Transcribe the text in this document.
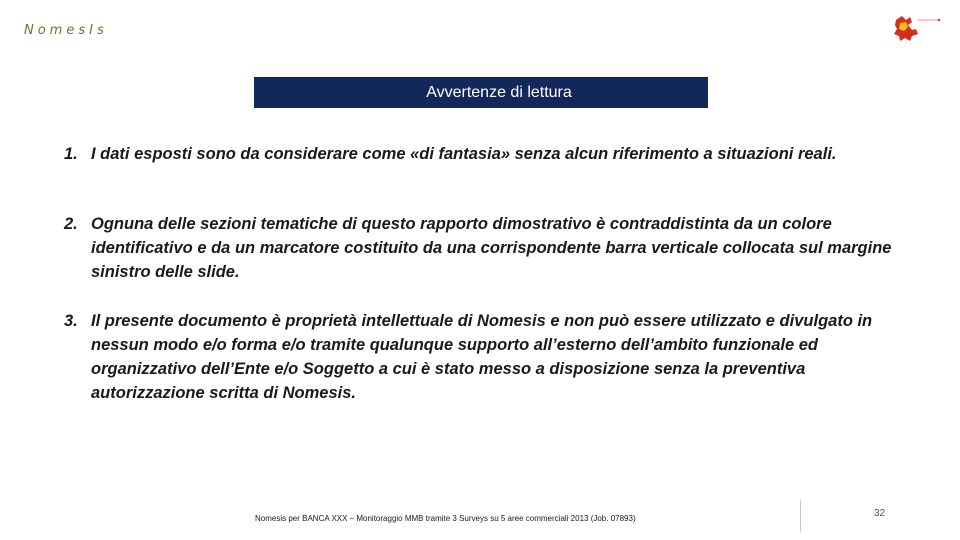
NomesIs
· · · · · · · · · · · · · ·
Avvertenze di lettura
1. I dati esposti sono da considerare come «di fantasia» senza alcun riferimento a situazioni reali.
2. Ognuna delle sezioni tematiche di questo rapporto dimostrativo è contraddistinta da un colore identificativo e da un marcatore costituito da una corrispondente barra verticale collocata sul margine sinistro delle slide.
3. Il presente documento è proprietà intellettuale di Nomesis e non può essere utilizzato e divulgato in nessun modo e/o forma e/o tramite qualunque supporto all’esterno dell’ambito funzionale ed organizzativo dell’Ente e/o Soggetto a cui è stato messo a disposizione senza la preventiva autorizzazione scritta di Nomesis.
Nomesis per BANCA XXX – Monitoraggio MMB tramite 3 Surveys su 5 aree commerciali 2013 (Job. 07893)	32
